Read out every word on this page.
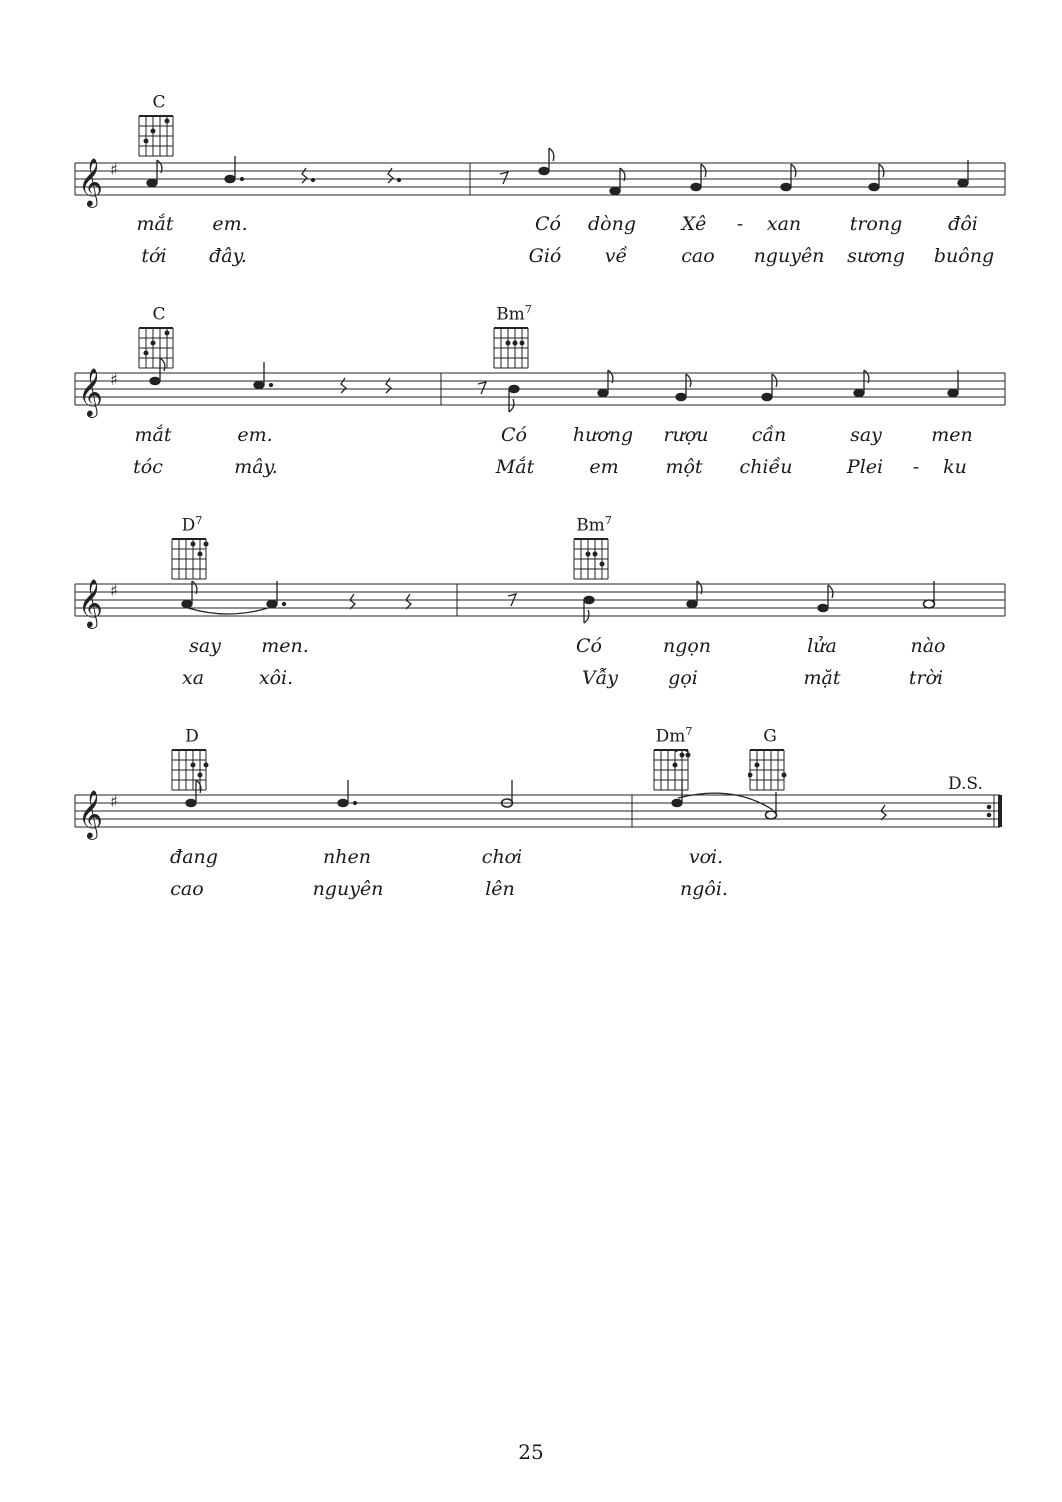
𝄞 ♯
C
mắt em.	Có dòng Xê - xan	trong đôi
tới đây.	Gió về	cao nguyên sương buông
𝄞 ♯
C	Bm$^7$
mắt	em.	Có hương rượu cần	say	men
tóc	mây.	Mắt	em một chiều	Plei - ku
𝄞 ♯
$D^7$	Bm$^7$
say men.	Có	ngọn	lửa	nào
xa	xôi.	Vẫy	gọi	mặt	trời
𝄞 ♯
D	Dm$^7$	G
D.S.
đang	nhen	chơi	vơi.
cao	nguyên	lên	ngôi.
25
